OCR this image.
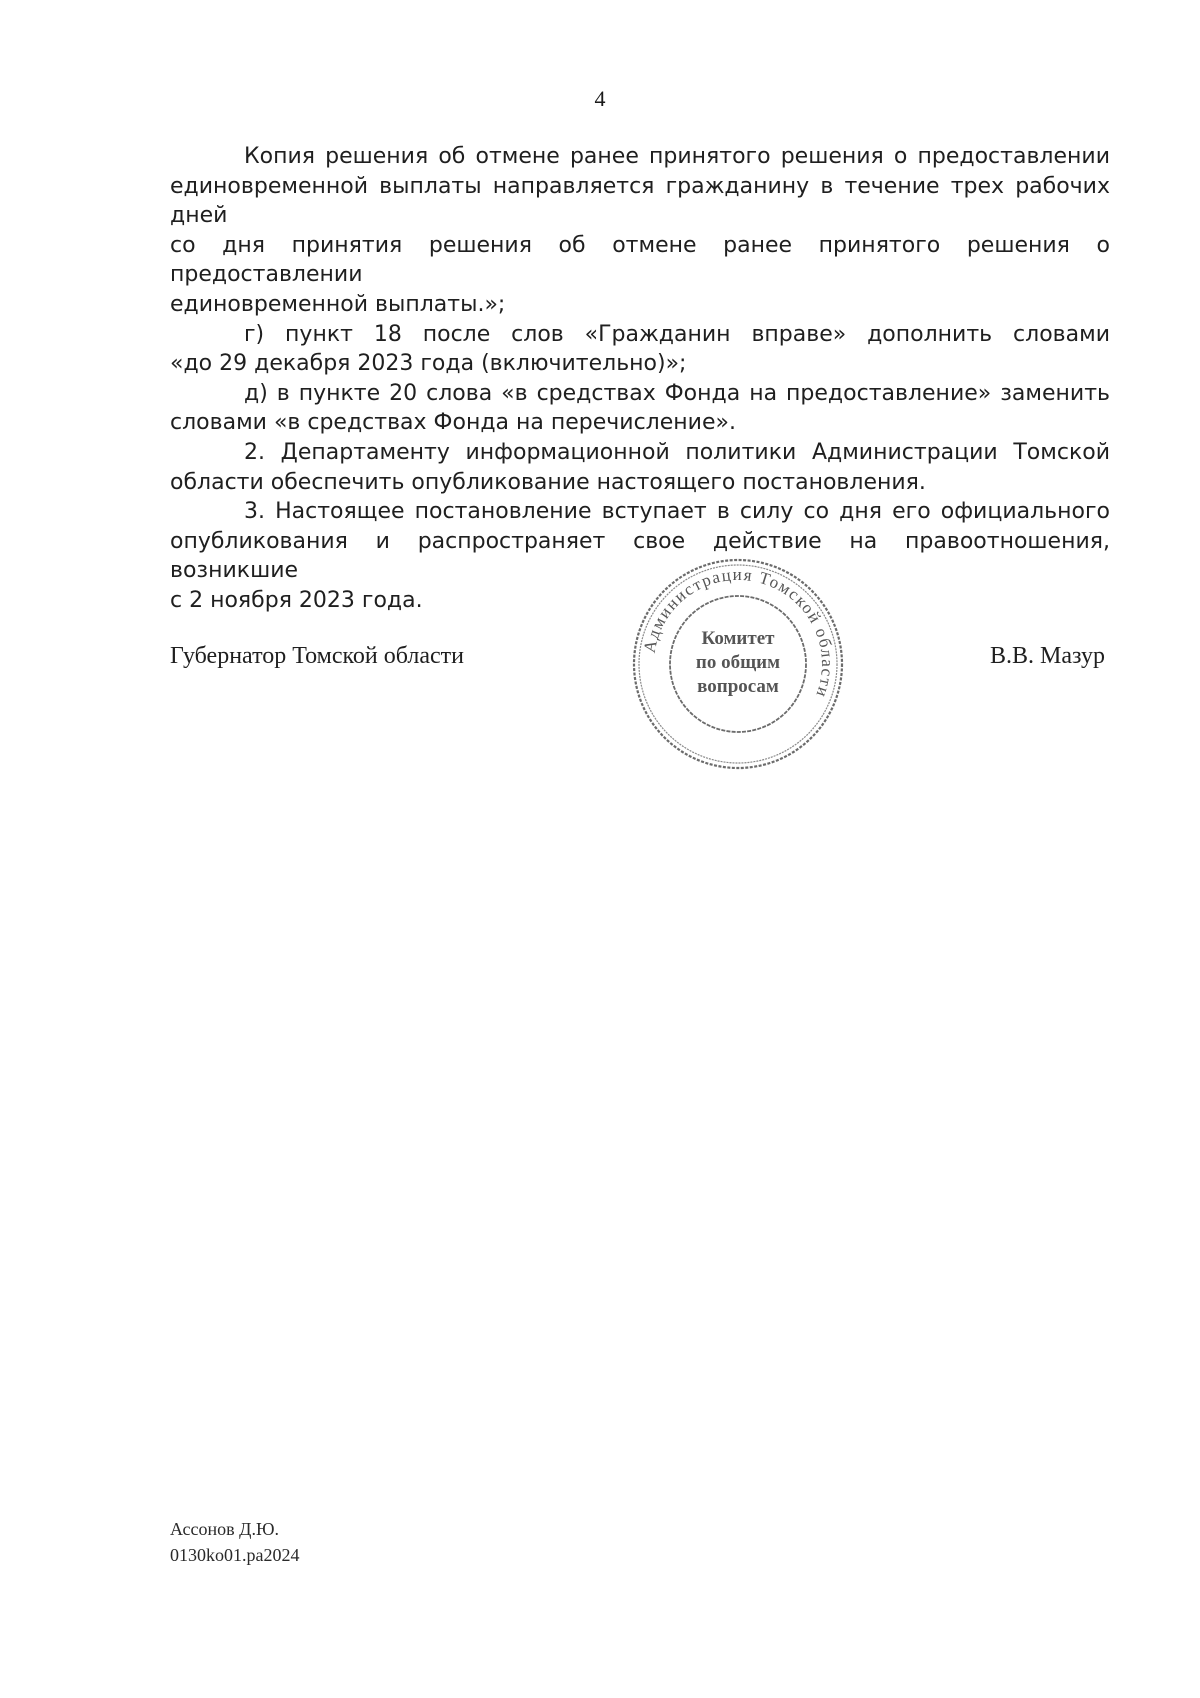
4

Копия решения об отмене ранее принятого решения о предоставлении
единовременной выплаты направляется гражданину в течение трех рабочих дней
со дня принятия решения об отмене ранее принятого решения о предоставлении
единовременной выплаты.»;

г) пункт 18 после слов «Гражданин вправе» дополнить словами
«до 29 декабря 2023 года (включительно)»;

д) в пункте 20 слова «в средствах Фонда на предоставление» заменить
словами «в средствах Фонда на перечисление».

2. Департаменту информационной политики Администрации Томской
области обеспечить опубликование настоящего постановления.

3. Настоящее постановление вступает в силу со дня его официального
опубликования и распространяет свое действие на правоотношения, возникшие
с 2 ноября 2023 года.

Администрация Томской области
Комитет
по общим
вопросам
Губернатор Томской области	В.В. Мазур
Ассонов Д.Ю.
0130ko01.pa2024
